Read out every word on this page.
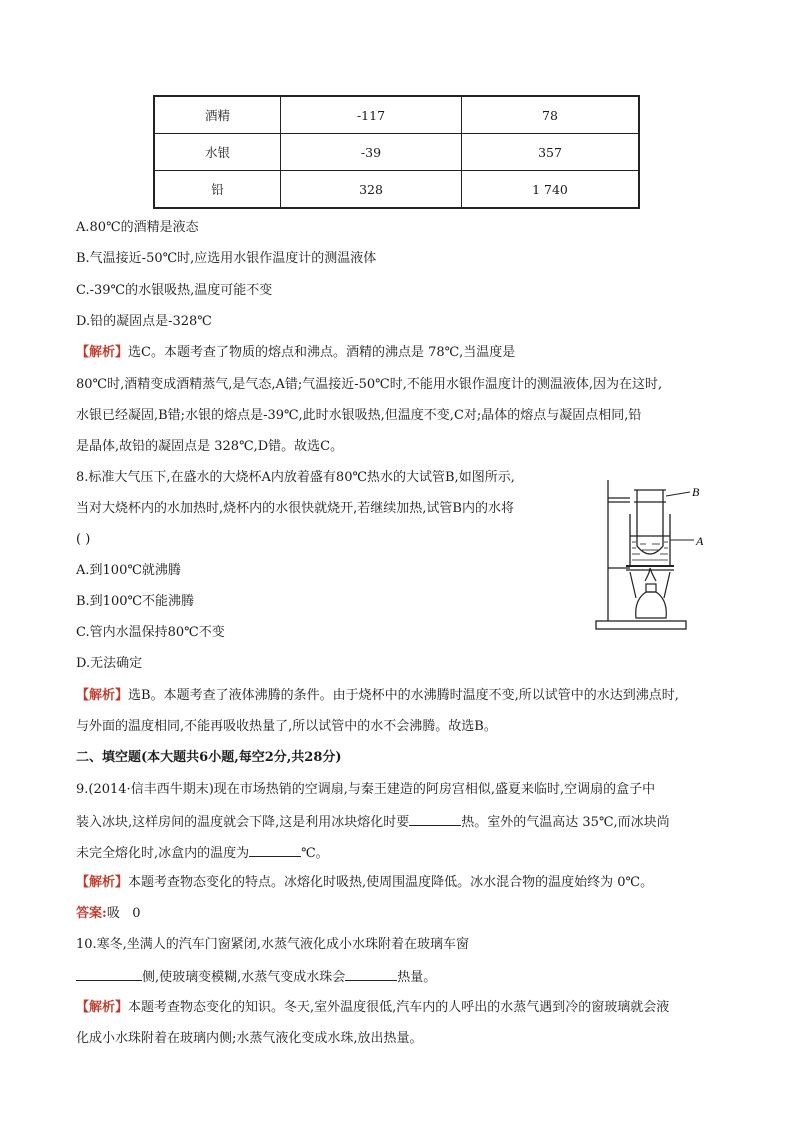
酒精	-117	78
水银	-39	357
铅	328	1 740
A.80℃的酒精是液态
B.气温接近-50℃时,应选用水银作温度计的测温液体
C.-39℃的水银吸热,温度可能不变
D.铅的凝固点是-328℃
【解析】选C。本题考查了物质的熔点和沸点。酒精的沸点是 78℃,当温度是
80℃时,酒精变成酒精蒸气,是气态,A错;气温接近-50℃时,不能用水银作温度计的测温液体,因为在这时,
水银已经凝固,B错;水银的熔点是-39℃,此时水银吸热,但温度不变,C对;晶体的熔点与凝固点相同,铅
是晶体,故铅的凝固点是 328℃,D错。故选C。
8.标准大气压下,在盛水的大烧杯A内放着盛有80℃热水的大试管B,如图所示,
当对大烧杯内的水加热时,烧杯内的水很快就烧开,若继续加热,试管B内的水将
( )
A.到100℃就沸腾
B.到100℃不能沸腾
C.管内水温保持80℃不变
D.无法确定
B
A
【解析】选B。本题考查了液体沸腾的条件。由于烧杯中的水沸腾时温度不变,所以试管中的水达到沸点时,
与外面的温度相同,不能再吸收热量了,所以试管中的水不会沸腾。故选B。
二、填空题(本大题共6小题,每空2分,共28分)
9.(2014·信丰西牛期末)现在市场热销的空调扇,与秦王建造的阿房宫相似,盛夏来临时,空调扇的盒子中
装入冰块,这样房间的温度就会下降,这是利用冰块熔化时要	热。室外的气温高达 35℃,而冰块尚
未完全熔化时,冰盒内的温度为	℃。
【解析】本题考查物态变化的特点。冰熔化时吸热,使周围温度降低。冰水混合物的温度始终为 0℃。
答案:吸   0
10.寒冬,坐满人的汽车门窗紧闭,水蒸气液化成小水珠附着在玻璃车窗
侧,使玻璃变模糊,水蒸气变成水珠会	热量。
【解析】本题考查物态变化的知识。冬天,室外温度很低,汽车内的人呼出的水蒸气遇到冷的窗玻璃就会液
化成小水珠附着在玻璃内侧;水蒸气液化变成水珠,放出热量。
